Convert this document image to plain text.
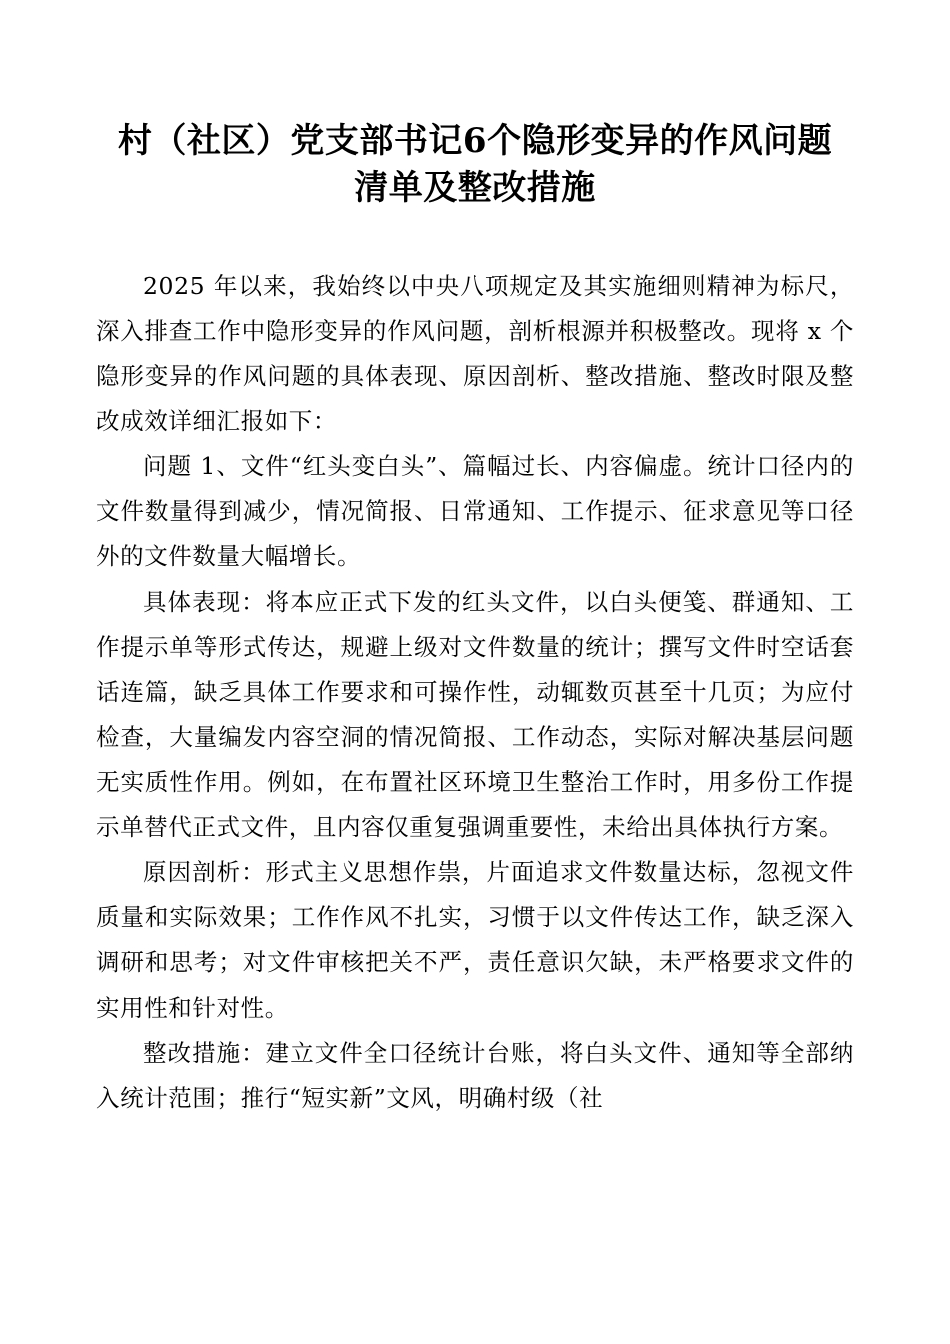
村（社区）党支部书记6个隐形变异的作风问题清单及整改措施

2025 年以来，我始终以中央八项规定及其实施细则精神为标尺，深入排查工作中隐形变异的作风问题，剖析根源并积极整改。现将 x 个隐形变异的作风问题的具体表现、原因剖析、整改措施、整改时限及整改成效详细汇报如下：

问题 1、文件“红头变白头”、篇幅过长、内容偏虚。统计口径内的文件数量得到减少，情况简报、日常通知、工作提示、征求意见等口径外的文件数量大幅增长。

具体表现：将本应正式下发的红头文件，以白头便笺、群通知、工作提示单等形式传达，规避上级对文件数量的统计；撰写文件时空话套话连篇，缺乏具体工作要求和可操作性，动辄数页甚至十几页；为应付检查，大量编发内容空洞的情况简报、工作动态，实际对解决基层问题无实质性作用。例如，在布置社区环境卫生整治工作时，用多份工作提示单替代正式文件，且内容仅重复强调重要性，未给出具体执行方案。

原因剖析：形式主义思想作祟，片面追求文件数量达标，忽视文件质量和实际效果；工作作风不扎实，习惯于以文件传达工作，缺乏深入调研和思考；对文件审核把关不严，责任意识欠缺，未严格要求文件的实用性和针对性。

整改措施：建立文件全口径统计台账，将白头文件、通知等全部纳入统计范围；推行“短实新”文风，明确村级（社
